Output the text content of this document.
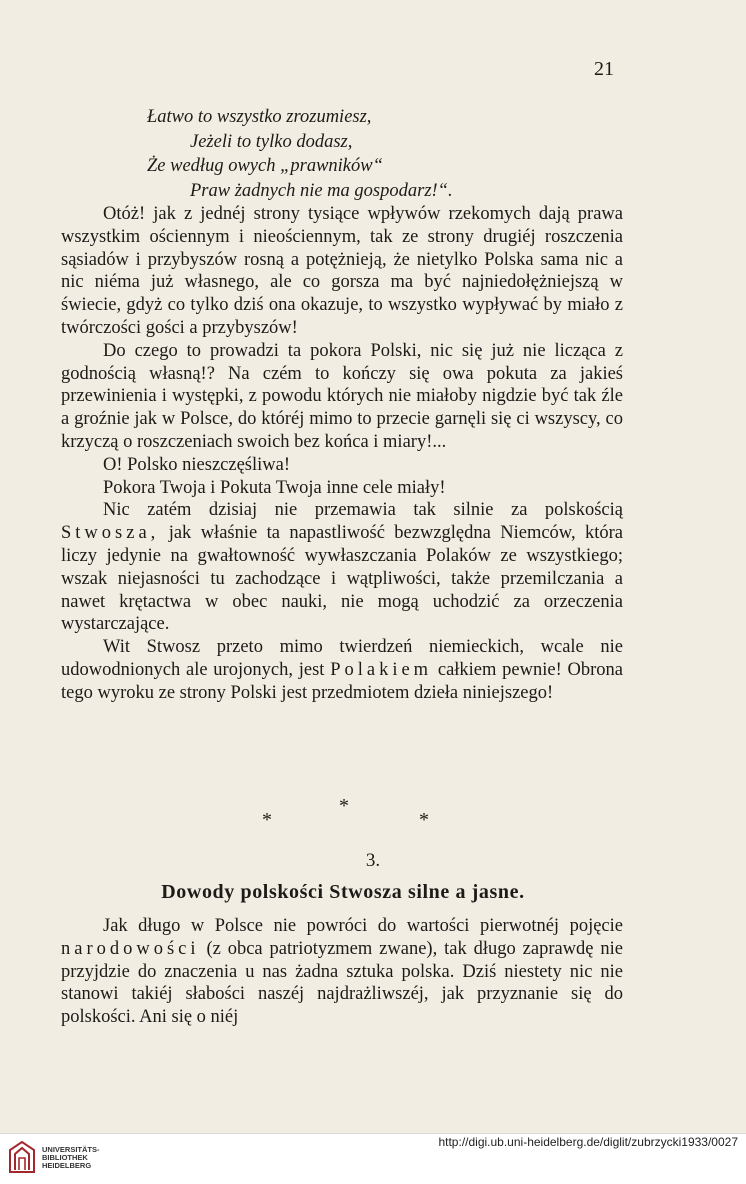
21
Łatwo to wszystko zrozumiesz,
Jeżeli to tylko dodasz,
Że według owych „prawników“
Praw żadnych nie ma gospodarz!“.

Otóż! jak z jednéj strony tysiące wpływów rzekomych dają prawa wszystkim ościennym i nieościennym, tak ze strony drugiéj roszczenia sąsiadów i przybyszów rosną a potężnieją, że nietylko Polska sama nic a nic niéma już własnego, ale co gorsza ma być najniedołężniejszą w świecie, gdyż co tylko dziś ona okazuje, to wszystko wypływać by miało z twórczości gości a przybyszów!

Do czego to prowadzi ta pokora Polski, nic się już nie licząca z godnością własną!? Na czém to kończy się owa pokuta za jakieś przewinienia i występki, z powodu których nie miałoby nigdzie być tak źle a groźnie jak w Polsce, do któréj mimo to przecie garnęli się ci wszyscy, co krzyczą o roszczeniach swoich bez końca i miary!...

O! Polsko nieszczęśliwa!

Pokora Twoja i Pokuta Twoja inne cele miały!

Nic zatém dzisiaj nie przemawia tak silnie za polskością Stwosza, jak właśnie ta napastliwość bezwzględna Niemców, która liczy jedynie na gwałtowność wywłaszczania Polaków ze wszystkiego; wszak niejasności tu zachodzące i wątpliwości, także przemilczania a nawet krętactwa w obec nauki, nie mogą uchodzić za orzeczenia wystarczające.

Wit Stwosz przeto mimo twierdzeń niemieckich, wcale nie udowodnionych ale urojonych, jest Polakiem całkiem pewnie! Obrona tego wyroku ze strony Polski jest przedmiotem dzieła niniejszego!

*
*	*
3.
Dowody polskości Stwosza silne a jasne.

Jak długo w Polsce nie powróci do wartości pierwotnéj pojęcie narodowości (z obca patriotyzmem zwane), tak długo zaprawdę nie przyjdzie do znaczenia u nas żadna sztuka polska. Dziś niestety nic nie stanowi takiéj słabości naszéj najdrażliwszéj, jak przyznanie się do polskości. Ani się o niéj

UNIVERSITÄTS-
BIBLIOTHEK
HEIDELBERG
http://digi.ub.uni-heidelberg.de/diglit/zubrzycki1933/0027
